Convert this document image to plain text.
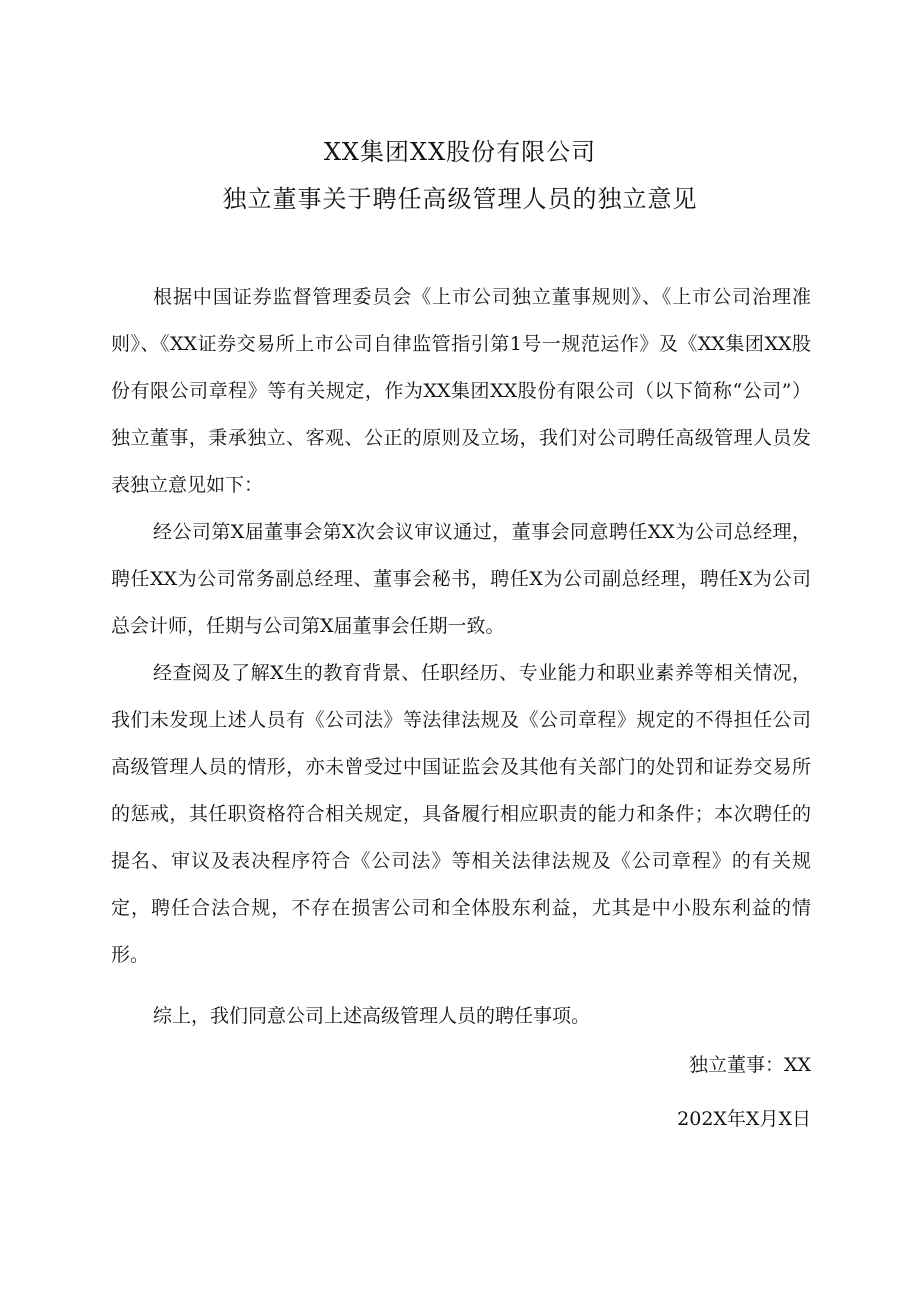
XX集团XX股份有限公司
独立董事关于聘任高级管理人员的独立意见

根据中国证券监督管理委员会《上市公司独立董事规则》、《上市公司治理准则》、《XX证券交易所上市公司自律监管指引第1号一规范运作》及《XX集团XX股份有限公司章程》等有关规定，作为XX集团XX股份有限公司（以下简称“公司”）独立董事，秉承独立、客观、公正的原则及立场，我们对公司聘任高级管理人员发表独立意见如下：

经公司第X届董事会第X次会议审议通过，董事会同意聘任XX为公司总经理，聘任XX为公司常务副总经理、董事会秘书，聘任X为公司副总经理，聘任X为公司总会计师，任期与公司第X届董事会任期一致。

经查阅及了解X生的教育背景、任职经历、专业能力和职业素养等相关情况，我们未发现上述人员有《公司法》等法律法规及《公司章程》规定的不得担任公司高级管理人员的情形，亦未曾受过中国证监会及其他有关部门的处罚和证券交易所的惩戒，其任职资格符合相关规定，具备履行相应职责的能力和条件；本次聘任的提名、审议及表决程序符合《公司法》等相关法律法规及《公司章程》的有关规定，聘任合法合规，不存在损害公司和全体股东利益，尤其是中小股东利益的情形。

综上，我们同意公司上述高级管理人员的聘任事项。

独立董事：XX
202X年X月X日
